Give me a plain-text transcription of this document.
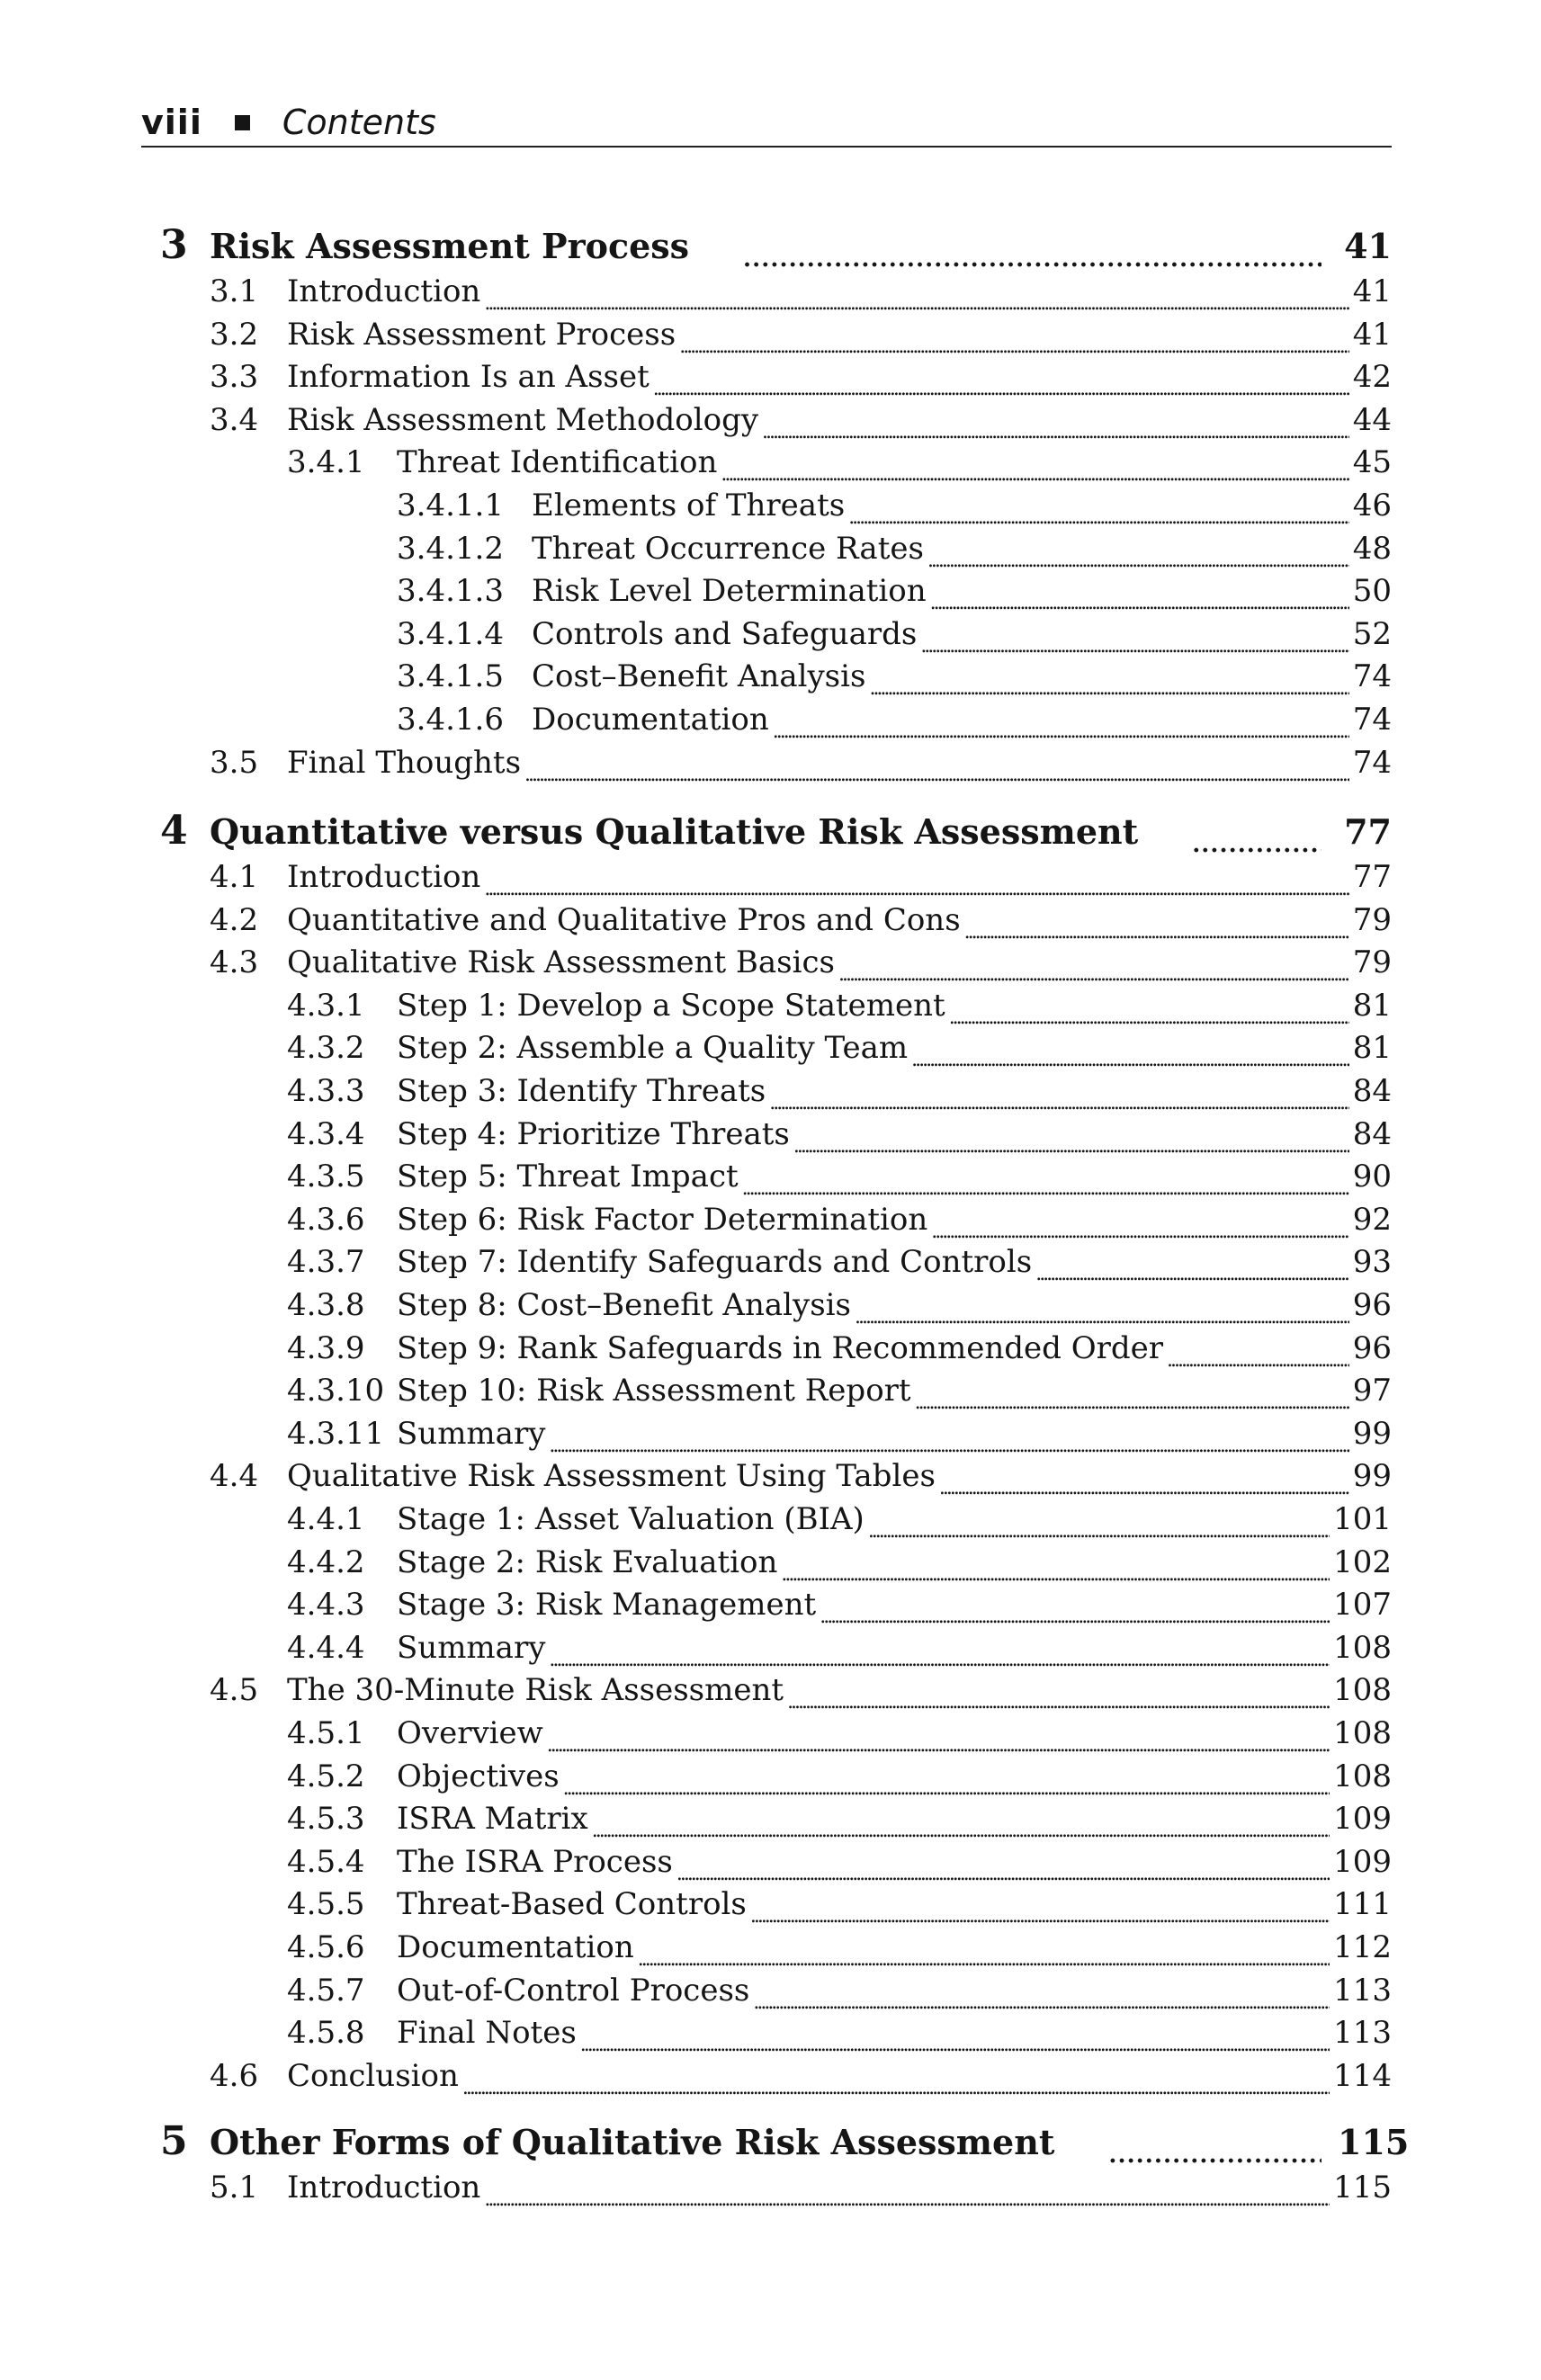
viii Contents
3 Risk Assessment Process . . .	41
3.1 Introduction . . .	41
3.2 Risk Assessment Process . . .	41
3.3 Information Is an Asset . . .	42
3.4 Risk Assessment Methodology . . .	44
3.4.1	Threat Identification . . .	45
3.4.1.1 Elements of Threats . . .	46
3.4.1.2 Threat Occurrence Rates . . .	48
3.4.1.3 Risk Level Determination . . .	50
3.4.1.4 Controls and Safeguards . . .	52
3.4.1.5 Cost–Benefit Analysis . . .	74
3.4.1.6 Documentation . . .	74
3.5 Final Thoughts . . .	74
4 Quantitative versus Qualitative Risk Assessment . . .	77
4.1 Introduction . . .	77
4.2 Quantitative and Qualitative Pros and Cons . . .	79
4.3 Qualitative Risk Assessment Basics . . .	79
4.3.1	Step 1: Develop a Scope Statement . . .	81
4.3.2	Step 2: Assemble a Quality Team . . .	81
4.3.3	Step 3: Identify Threats . . .	84
4.3.4	Step 4: Prioritize Threats . . .	84
4.3.5	Step 5: Threat Impact . . .	90
4.3.6	Step 6: Risk Factor Determination . . .	92
4.3.7	Step 7: Identify Safeguards and Controls . . .	93
4.3.8	Step 8: Cost–Benefit Analysis . . .	96
4.3.9	Step 9: Rank Safeguards in Recommended Order . . .	96
4.3.10 Step 10: Risk Assessment Report . . .	97
4.3.11 Summary . . .	99
4.4 Qualitative Risk Assessment Using Tables . . .	99
4.4.1	Stage 1: Asset Valuation (BIA) . . .	101
4.4.2	Stage 2: Risk Evaluation . . .	102
4.4.3	Stage 3: Risk Management . . .	107
4.4.4	Summary . . .	108
4.5 The 30-Minute Risk Assessment . . .	108
4.5.1	Overview . . .	108
4.5.2	Objectives . . .	108
4.5.3	ISRA Matrix . . .	109
4.5.4	The ISRA Process . . .	109
4.5.5	Threat-Based Controls . . .	111
4.5.6	Documentation . . .	112
4.5.7	Out-of-Control Process . . .	113
4.5.8	Final Notes . . .	113
4.6 Conclusion . . .	114
5 Other Forms of Qualitative Risk Assessment . . .	115
5.1 Introduction . . .	115
